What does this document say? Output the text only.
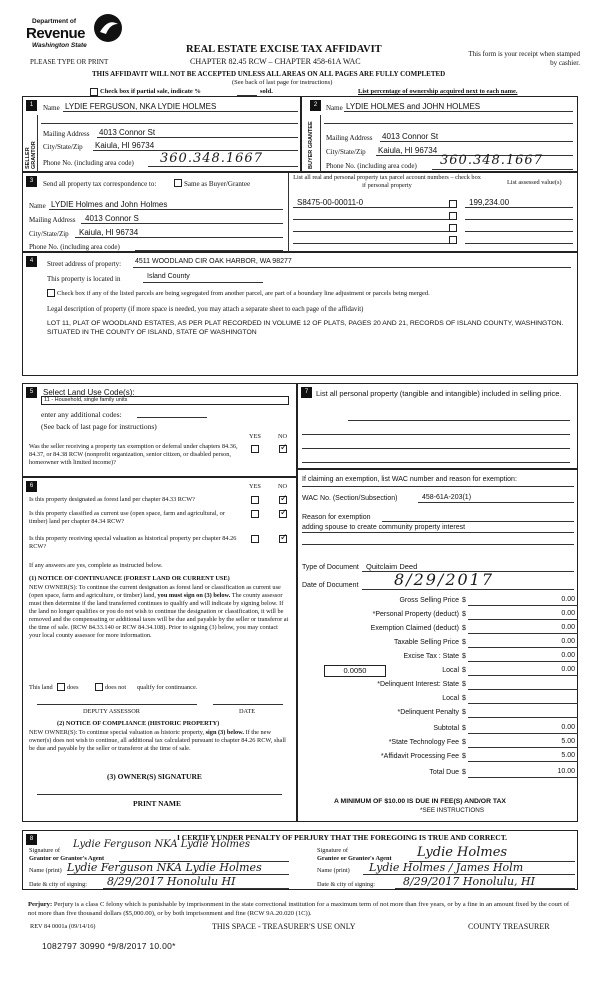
Department of
Revenue
Washington State
PLEASE TYPE OR PRINT
REAL ESTATE EXCISE TAX AFFIDAVIT
CHAPTER 82.45 RCW – CHAPTER 458-61A WAC
This form is your receipt when stamped by cashier.
THIS AFFIDAVIT WILL NOT BE ACCEPTED UNLESS ALL AREAS ON ALL PAGES ARE FULLY COMPLETED
(See back of last page for instructions)
Check box if partial sale, indicate %	sold.	List percentage of ownership acquired next to each name.
1
SELLER GRANTOR
Name LYDIE FERGUSON, NKA LYDIE HOLMES
Mailing Address 4013 Connor St
City/State/Zip Kaiula, HI 96734
Phone No. (including area code) 360.348.1667
2
BUYER GRANTEE
Name LYDIE HOLMES and JOHN HOLMES
Mailing Address 4013 Connor St
City/State/Zip Kaiula, HI 96734
Phone No. (including area code) 360.348.1667
3	Send all property tax correspondence to:	Same as Buyer/Grantee
Name LYDIE Holmes and John Holmes
Mailing Address 4013 Connor S
City/State/Zip Kaiula, HI 96734
Phone No. (including area code)
List all real and personal property tax parcel account numbers – check box if personal property	List assessed value(s)
S8475-00-00011-0	199,234.00
4	Street address of property: 4511 WOODLAND CIR OAK HARBOR, WA 98277
This property is located in	Island County
Check box if any of the listed parcels are being segregated from another parcel, are part of a boundary line adjustment or parcels being merged.
Legal description of property (if more space is needed, you may attach a separate sheet to each page of the affidavit)
LOT 11, PLAT OF WOODLAND ESTATES, AS PER PLAT RECORDED IN VOLUME 12 OF PLATS, PAGES 20 AND 21, RECORDS OF ISLAND COUNTY, WASHINGTON. SITUATED IN THE COUNTY OF ISLAND, STATE OF WASHINGTON
5	Select Land Use Code(s):
11 - Household, single family units
enter any additional codes:
(See back of last page for instructions)
YES	NO
Was the seller receiving a property tax exemption or deferral under chapters 84.36, 84.37, or 84.38 RCW (nonprofit organization, senior citizen, or disabled person, homeowner with limited income)?
✓
7	List all personal property (tangible and intangible) included in selling price.
6	YES	NO
Is this property designated as forest land per chapter 84.33 RCW?
✓
Is this property classified as current use (open space, farm and agricultural, or timber) land per chapter 84.34 RCW?
✓
Is this property receiving special valuation as historical property per chapter 84.26 RCW?
✓
If any answers are yes, complete as instructed below.
(1) NOTICE OF CONTINUANCE (FOREST LAND OR CURRENT USE)
NEW OWNER(S): To continue the current designation as forest land or classification as current use (open space, farm and agriculture, or timber) land, you must sign on (3) below. The county assessor must then determine if the land transferred continues to qualify and will indicate by signing below. If the land no longer qualifies or you do not wish to continue the designation or classification, it will be removed and the compensating or additional taxes will be due and payable by the seller or transferor at the time of sale. (RCW 84.33.140 or RCW 84.34.108). Prior to signing (3) below, you may contact your local county assessor for more information.
This land does	does not qualify for continuance.
DEPUTY ASSESSOR	DATE
(2) NOTICE OF COMPLIANCE (HISTORIC PROPERTY)
NEW OWNER(S): To continue special valuation as historic property, sign (3) below. If the new owner(s) does not wish to continue, all additional tax calculated pursuant to chapter 84.26 RCW, shall be due and payable by the seller or transferor at the time of sale.
(3) OWNER(S) SIGNATURE
PRINT NAME
If claiming an exemption, list WAC number and reason for exemption:
WAC No. (Section/Subsection)	458-61A-203(1)
Reason for exemption
adding spouse to create community property interest
Type of Document Quitclaim Deed
Date of Document 8/29/2017
Gross Selling Price $	0.00
*Personal Property (deduct) $	0.00
Exemption Claimed (deduct) $	0.00
Taxable Selling Price $	0.00
Excise Tax : State $	0.00
0.0050	Local $	0.00
*Delinquent Interest: State $
Local $
*Delinquent Penalty $
Subtotal $	0.00
*State Technology Fee $	5.00
*Affidavit Processing Fee $	5.00
Total Due $	10.00
A MINIMUM OF $10.00 IS DUE IN FEE(S) AND/OR TAX
*SEE INSTRUCTIONS
8	I CERTIFY UNDER PENALTY OF PERJURY THAT THE FOREGOING IS TRUE AND CORRECT.
Signature of
Grantor or Grantor's Agent
Lydie Ferguson NKA Lydie Holmes
Signature of
Grantee or Grantee's Agent Lydie Holmes
Name (print) Lydie Ferguson NKA Lydie Holmes	Name (print) Lydie Holmes / James Holm
Date & city of signing: 8/29/2017 Honolulu HI	Date & city of signing:	8/29/2017 Honolulu, HI
Perjury: Perjury is a class C felony which is punishable by imprisonment in the state correctional institution for a maximum term of not more than five years, or by a fine in an amount fixed by the court of not more than five thousand dollars ($5,000.00), or by both imprisonment and fine (RCW 9A.20.020 (1C)).
REV 84 0001a (09/14/16)	THIS SPACE - TREASURER'S USE ONLY	COUNTY TREASURER
1082797 30990 *9/8/2017 10.00*
